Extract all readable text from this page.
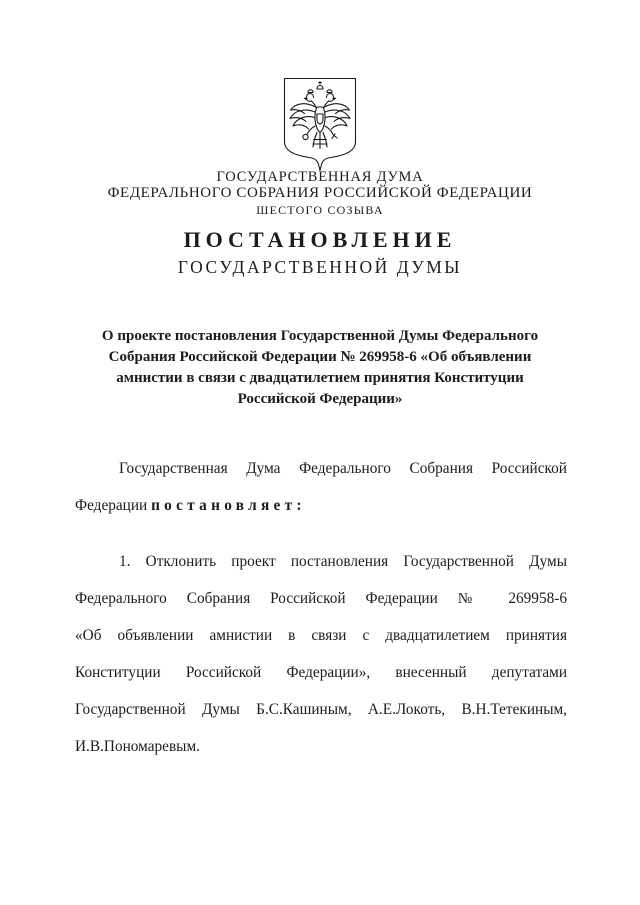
ГОСУДАРСТВЕННАЯ ДУМА
ФЕДЕРАЛЬНОГО СОБРАНИЯ РОССИЙСКОЙ ФЕДЕРАЦИИ
ШЕСТОГО СОЗЫВА
ПОСТАНОВЛЕНИЕ
ГОСУДАРСТВЕННОЙ ДУМЫ
О проекте постановления Государственной Думы Федерального
Собрания Российской Федерации № 269958-6 «Об объявлении
амнистии в связи с двадцатилетием принятия Конституции
Российской Федерации»
Государственная Дума Федерального Собрания Российской
Федерации постановляет:
1. Отклонить проект постановления Государственной Думы
Федерального Собрания Российской Федерации № 269958-6
«Об объявлении амнистии в связи с двадцатилетием принятия
Конституции Российской Федерации», внесенный депутатами
Государственной Думы Б.С.Кашиным, А.Е.Локоть, В.Н.Тетекиным,
И.В.Пономаревым.
